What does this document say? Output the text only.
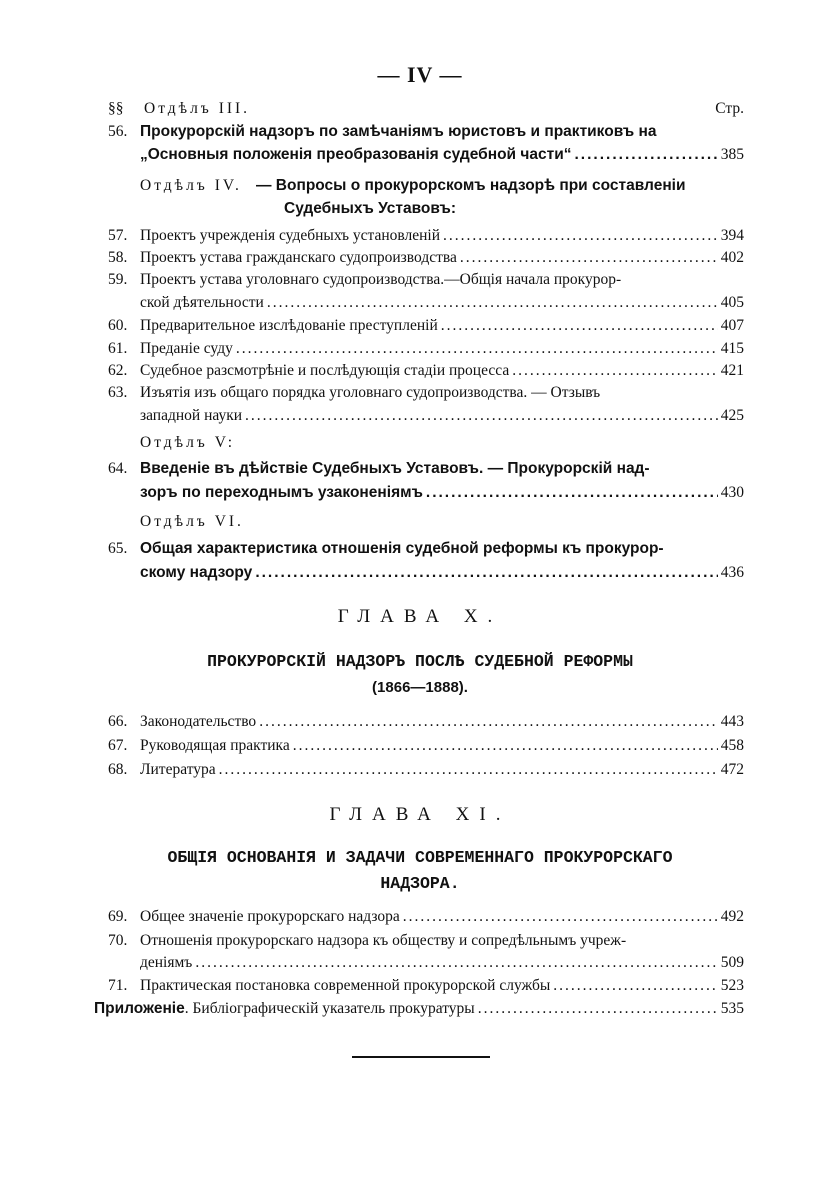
— IV —
§§	Отдѣлъ III.	Стр.
56. Прокурорскій надзоръ по замѣчаніямъ юристовъ и практиковъ на
„Основныя положенія преобразованія судебной части“ .....	385
Отдѣлъ IV. — Вопросы о прокурорскомъ надзорѣ при составленіи
Судебныхъ Уставовъ:
57. Проектъ учрежденія судебныхъ установленій .....	394
58. Проектъ устава гражданскаго судопроизводства .....	402
59. Проектъ устава уголовнаго судопроизводства.—Общія начала прокурор-
ской дѣятельности .....	405
60. Предварительное изслѣдованіе преступленій .....	407
61. Преданіе суду .....	415
62. Судебное разсмотрѣніе и послѣдующія стадіи процесса .....	421
63. Изъятія изъ общаго порядка уголовнаго судопроизводства. — Отзывъ
западной науки .....	425
Отдѣлъ V:
64. Введеніе въ дѣйствіе Судебныхъ Уставовъ. — Прокурорскій над-
зоръ по переходнымъ узаконеніямъ .....	430
Отдѣлъ VI.
65. Общая характеристика отношенія судебной реформы къ прокурор-
скому надзору .....	436
ГЛАВА X.
ПРОКУРОРСКІЙ НАДЗОРЪ ПОСЛѢ СУДЕБНОЙ РЕФОРМЫ
(1866—1888).
66. Законодательство .....	443
67. Руководящая практика .....	458
68. Литература .....	472
ГЛАВА XI.
ОБЩІЯ ОСНОВАНІЯ И ЗАДАЧИ СОВРЕМЕННАГО ПРОКУРОРСКАГО
НАДЗОРА.
69. Общее значеніе прокурорскаго надзора .....	492
70. Отношенія прокурорскаго надзора къ обществу и сопредѣльнымъ учреж-
деніямъ .....	509
71. Практическая постановка современной прокурорской службы .....	523
Приложеніе . Библіографическій указатель прокуратуры .....	535
